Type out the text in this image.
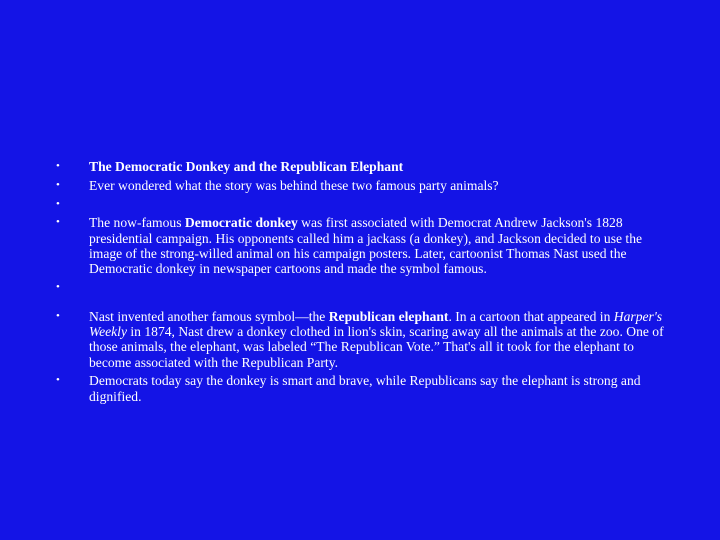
•	The Democratic Donkey and the Republican Elephant
•	Ever wondered what the story was behind these two famous party animals?
•
•	The now-famous Democratic donkey was first associated with Democrat Andrew Jackson's 1828 presidential campaign. His opponents called him a jackass (a donkey), and Jackson decided to use the image of the strong-willed animal on his campaign posters. Later, cartoonist Thomas Nast used the Democratic donkey in newspaper cartoons and made the symbol famous.
•
•	Nast invented another famous symbol—the Republican elephant. In a cartoon that appeared in Harper's Weekly in 1874, Nast drew a donkey clothed in lion's skin, scaring away all the animals at the zoo. One of those animals, the elephant, was labeled “The Republican Vote.” That's all it took for the elephant to become associated with the Republican Party.
•	Democrats today say the donkey is smart and brave, while Republicans say the elephant is strong and dignified.
